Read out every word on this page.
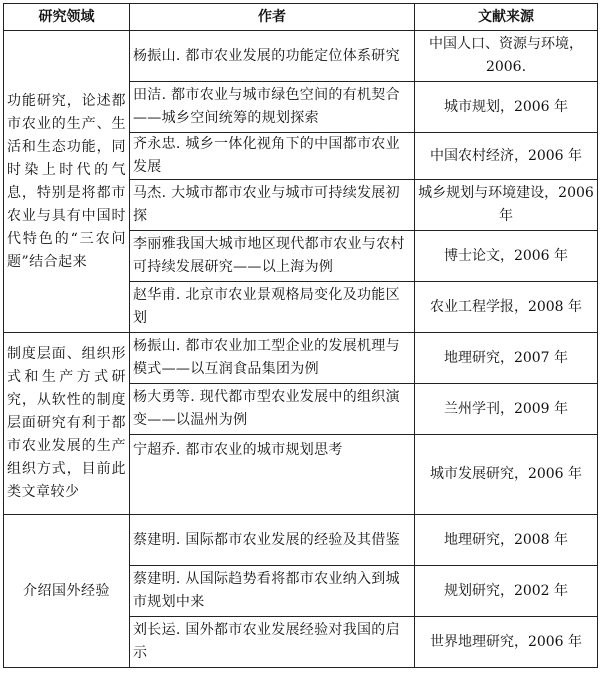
研究领域	作者	文献来源
功能研究，论述都市农业的生产、生活和生态功能，同时染上时代的气息，特别是将都市农业与具有中国时代特色的“三农问题”结合起来	杨振山. 都市农业发展的功能定位体系研究	中国人口、资源与环境，2006.
	田洁. 都市农业与城市绿色空间的有机契合——城乡空间统筹的规划探索	城市规划，2006 年
	齐永忠. 城乡一体化视角下的中国都市农业发展	中国农村经济，2006 年
	马杰. 大城市都市农业与城市可持续发展初探	城乡规划与环境建设，2006年
	李丽雅我国大城市地区现代都市农业与农村可持续发展研究——以上海为例	博士论文，2006 年
	赵华甫. 北京市农业景观格局变化及功能区划	农业工程学报，2008 年
制度层面、组织形式和生产方式研究，从软性的制度层面研究有利于都市农业发展的生产组织方式，目前此类文章较少	杨振山. 都市农业加工型企业的发展机理与模式——以互润食品集团为例	地理研究，2007 年
	杨大勇等. 现代都市型农业发展中的组织演变——以温州为例	兰州学刊，2009 年
	宁超乔. 都市农业的城市规划思考	城市发展研究，2006 年
介绍国外经验	蔡建明. 国际都市农业发展的经验及其借鉴	地理研究，2008 年
	蔡建明. 从国际趋势看将都市农业纳入到城市规划中来	规划研究，2002 年
	刘长运. 国外都市农业发展经验对我国的启示	世界地理研究，2006 年
